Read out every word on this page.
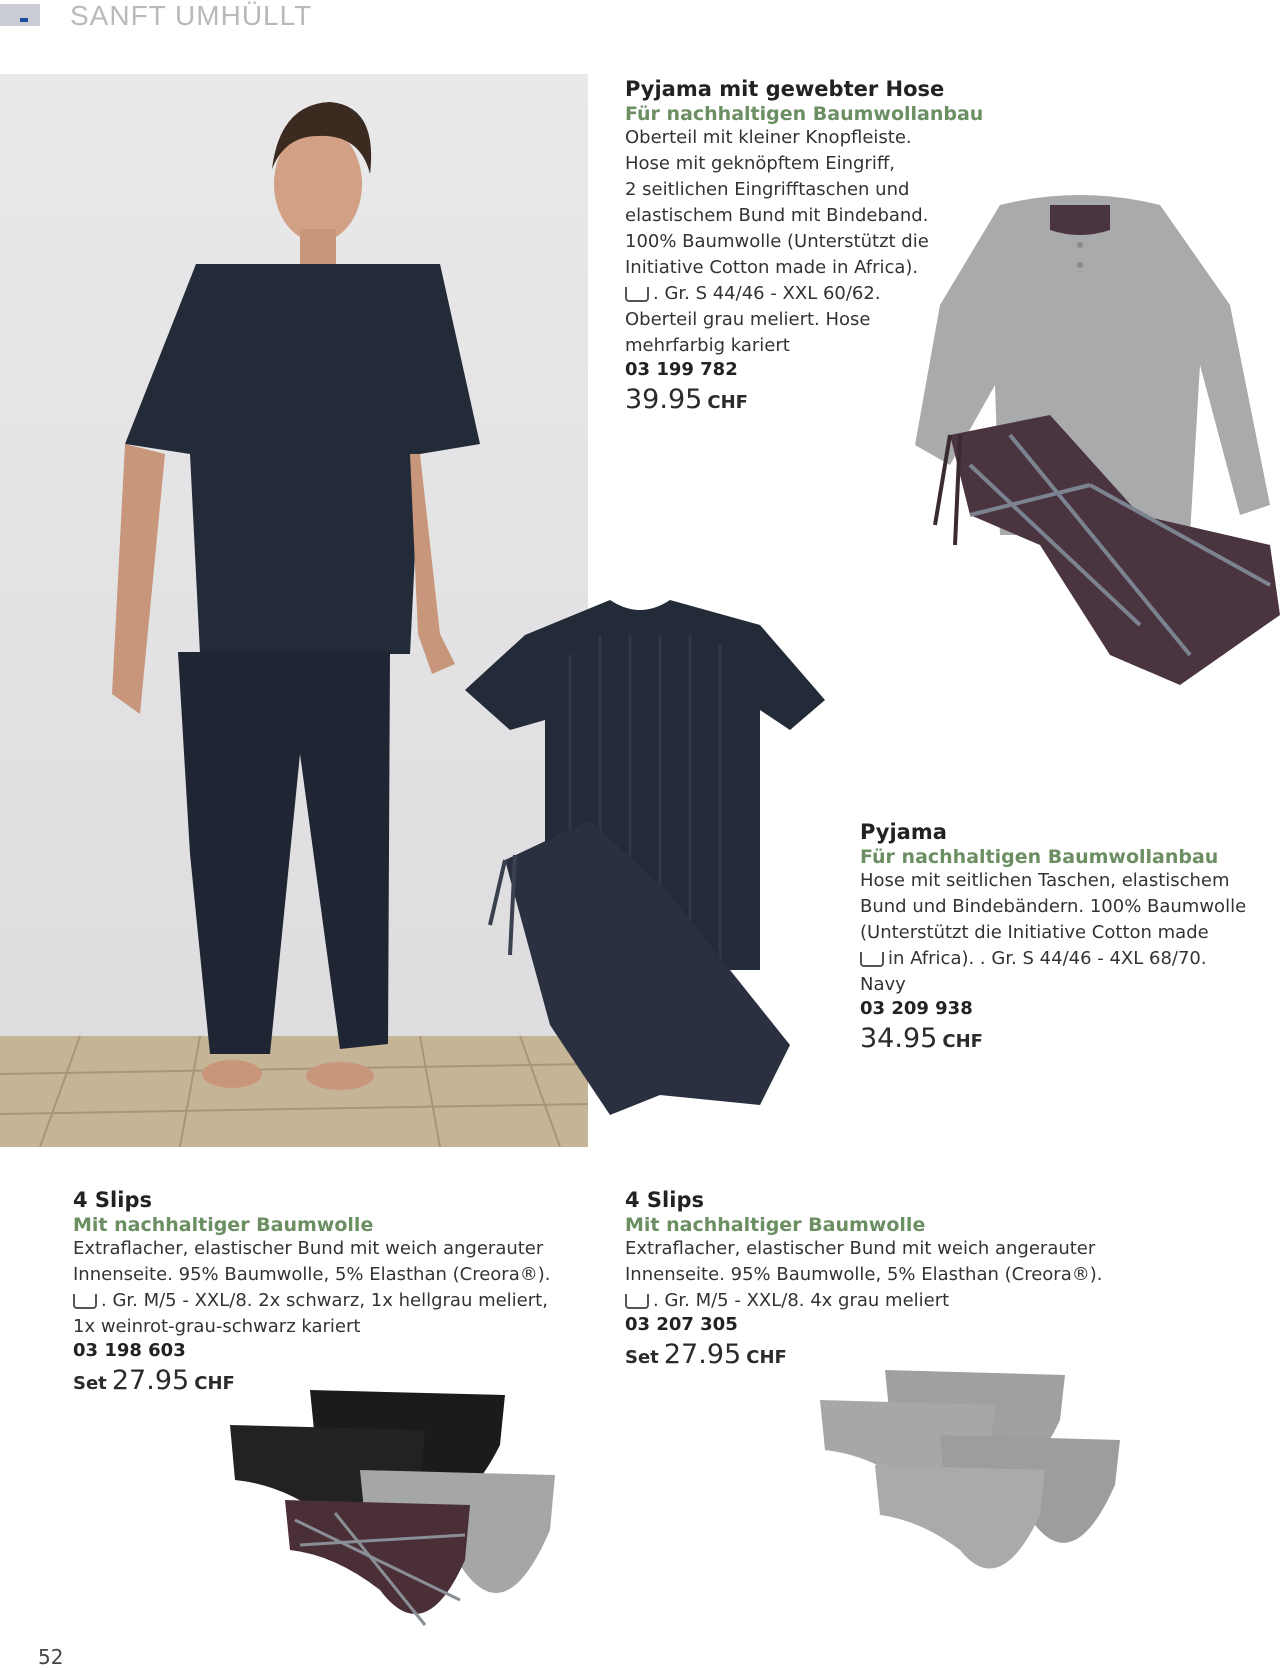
SANFT UMHÜLLT
Pyjama mit gewebter Hose
Für nachhaltigen Baumwollanbau
Oberteil mit kleiner Knopfleiste.
Hose mit geknöpftem Eingriff,
2 seitlichen Eingrifftaschen und
elastischem Bund mit Bindeband.
100% Baumwolle (Unterstützt die
Initiative Cotton made in Africa).
. Gr. S 44/46 - XXL 60/62.
Oberteil grau meliert. Hose
mehrfarbig kariert
03 199 782
39.95 CHF
Pyjama
Für nachhaltigen Baumwollanbau
Hose mit seitlichen Taschen, elastischem
Bund und Bindebändern. 100% Baumwolle
(Unterstützt die Initiative Cotton made
in Africa). . Gr. S 44/46 - 4XL 68/70.
Navy
03 209 938
34.95 CHF
4 Slips
Mit nachhaltiger Baumwolle
Extraflacher, elastischer Bund mit weich angerauter
Innenseite. 95% Baumwolle, 5% Elasthan (Creora®).
. Gr. M/5 - XXL/8. 2x schwarz, 1x hellgrau meliert,
1x weinrot-grau-schwarz kariert
03 198 603
Set 27.95 CHF
4 Slips
Mit nachhaltiger Baumwolle
Extraflacher, elastischer Bund mit weich angerauter
Innenseite. 95% Baumwolle, 5% Elasthan (Creora®).
. Gr. M/5 - XXL/8. 4x grau meliert
03 207 305
Set 27.95 CHF
52
